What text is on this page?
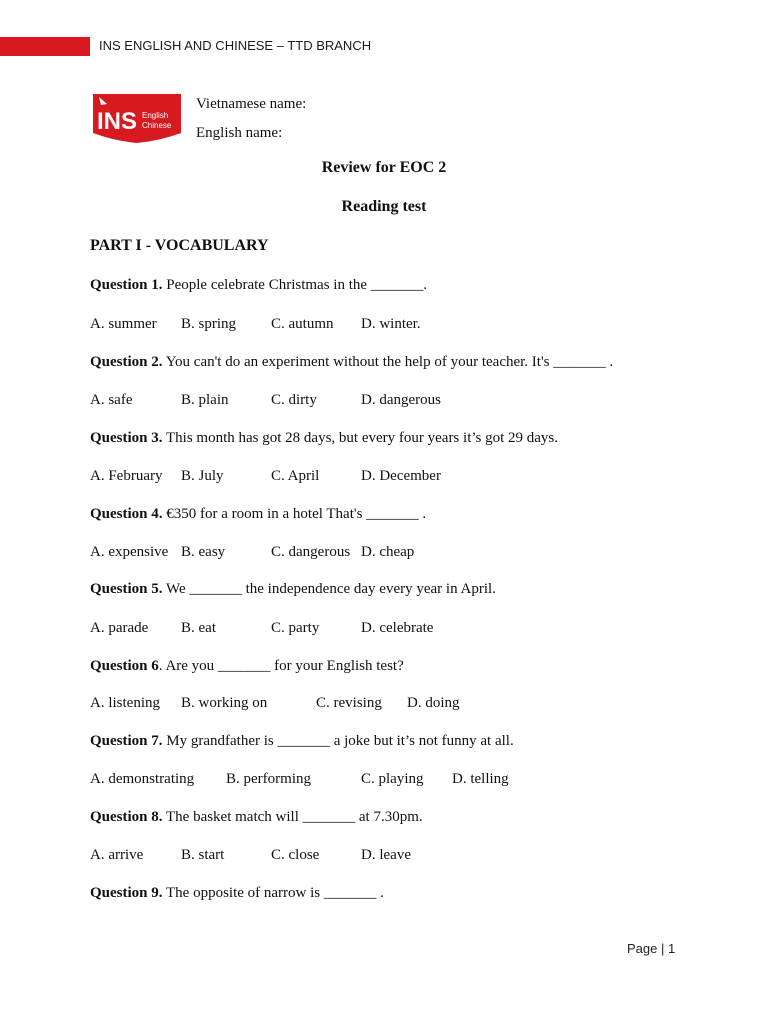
INS ENGLISH AND CHINESE – TTD BRANCH
INS English
Chinese
Vietnamese name:
English name:
Review for EOC 2
Reading test
PART I - VOCABULARY
Question 1. People celebrate Christmas in the _______.
A. summer B. spring C. autumn D. winter.
Question 2. You can't do an experiment without the help of your teacher. It's _______ .
A. safe	B. plain	C. dirty	D. dangerous
Question 3. This month has got 28 days, but every four years it’s got 29 days.
A. February B. July	C. April	D. December
Question 4. €350 for a room in a hotel That's _______ .
A. expensive B. easy	C. dangerous D. cheap
Question 5. We _______ the independence day every year in April.
A. parade B. eat	C. party	D. celebrate
Question 6. Are you _______ for your English test?
A. listening B. working on	C. revising D. doing
Question 7. My grandfather is _______ a joke but it’s not funny at all.
A. demonstrating B. performing	C. playing D. telling
Question 8. The basket match will _______ at 7.30pm.
A. arrive	B. start	C. close	D. leave
Question 9. The opposite of narrow is _______ .
Page | 1
